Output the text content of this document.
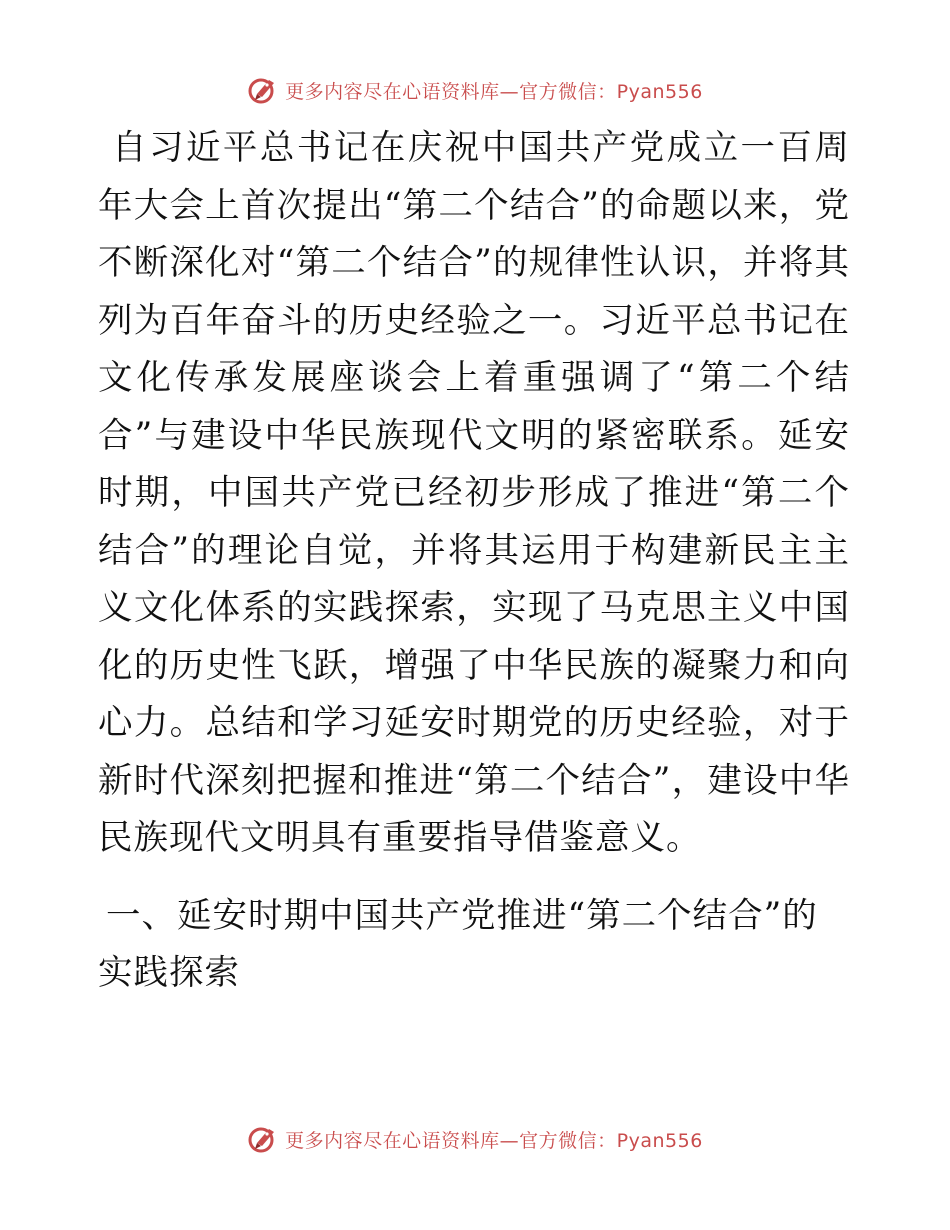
更多内容尽在心语资料库—官方微信：Pyan556

自习近平总书记在庆祝中国共产党成立一百周年大会上首次提出“第二个结合”的命题以来，党不断深化对“第二个结合”的规律性认识，并将其列为百年奋斗的历史经验之一。习近平总书记在文化传承发展座谈会上着重强调了“第二个结合”与建设中华民族现代文明的紧密联系。延安时期，中国共产党已经初步形成了推进“第二个结合”的理论自觉，并将其运用于构建新民主主义文化体系的实践探索，实现了马克思主义中国化的历史性飞跃，增强了中华民族的凝聚力和向心力。总结和学习延安时期党的历史经验，对于新时代深刻把握和推进“第二个结合”，建设中华民族现代文明具有重要指导借鉴意义。

一、延安时期中国共产党推进“第二个结合”的实践探索

更多内容尽在心语资料库—官方微信：Pyan556
